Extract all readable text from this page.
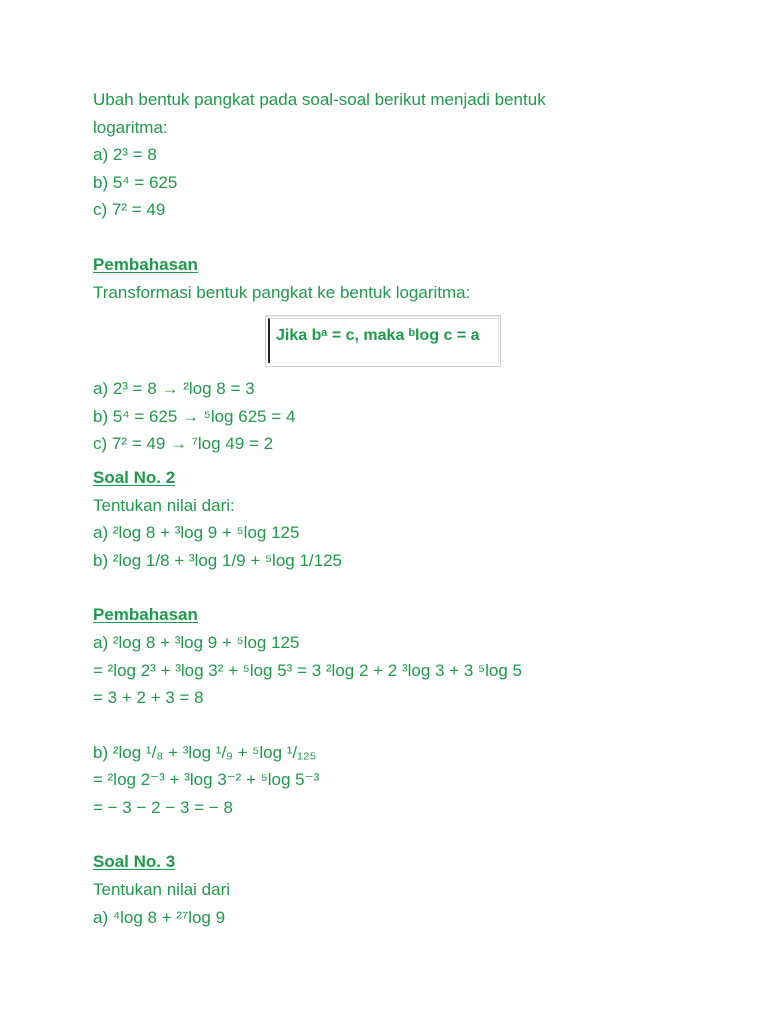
Ubah bentuk pangkat pada soal-soal berikut menjadi bentuk
logaritma:
a) 2³ = 8
b) 5⁴ = 625
c) 7² = 49
Pembahasan
Transformasi bentuk pangkat ke bentuk logaritma:
Jika bᵃ = c, maka ᵇlog c = a
a) 2³ = 8 → ²log 8 = 3
b) 5⁴ = 625 → ⁵log 625 = 4
c) 7² = 49 → ⁷log 49 = 2
Soal No. 2
Tentukan nilai dari:
a) ²log 8 + ³log 9 + ⁵log 125
b) ²log 1/8 + ³log 1/9 + ⁵log 1/125
Pembahasan
a) ²log 8 + ³log 9 + ⁵log 125
= ²log 2³ + ³log 3² + ⁵log 5³ = 3 ²log 2 + 2 ³log 3 + 3 ⁵log 5
= 3 + 2 + 3 = 8
b) ²log ¹/₈ + ³log ¹/₉ + ⁵log ¹/₁₂₅
= ²log 2⁻³ + ³log 3⁻² + ⁵log 5⁻³
= − 3 − 2 − 3 = − 8
Soal No. 3
Tentukan nilai dari
a) ⁴log 8 + ²⁷log 9
